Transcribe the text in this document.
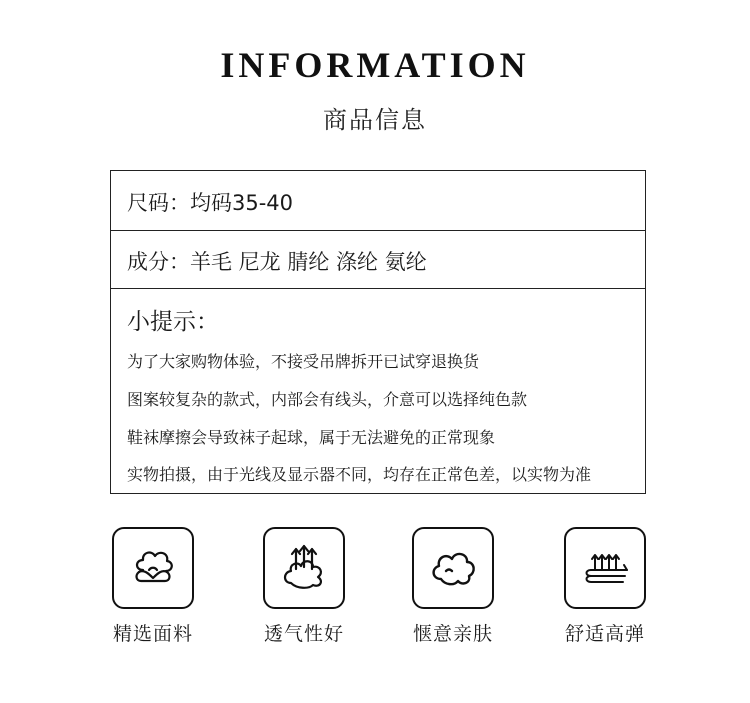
INFORMATION
商品信息
尺码：均码35-40
成分：羊毛 尼龙 腈纶 涤纶 氨纶
小提示：
为了大家购物体验，不接受吊牌拆开已试穿退换货
图案较复杂的款式，内部会有线头，介意可以选择纯色款
鞋袜摩擦会导致袜子起球，属于无法避免的正常现象
实物拍摄，由于光线及显示器不同，均存在正常色差，以实物为准
精选面料	透气性好	惬意亲肤	舒适高弹
